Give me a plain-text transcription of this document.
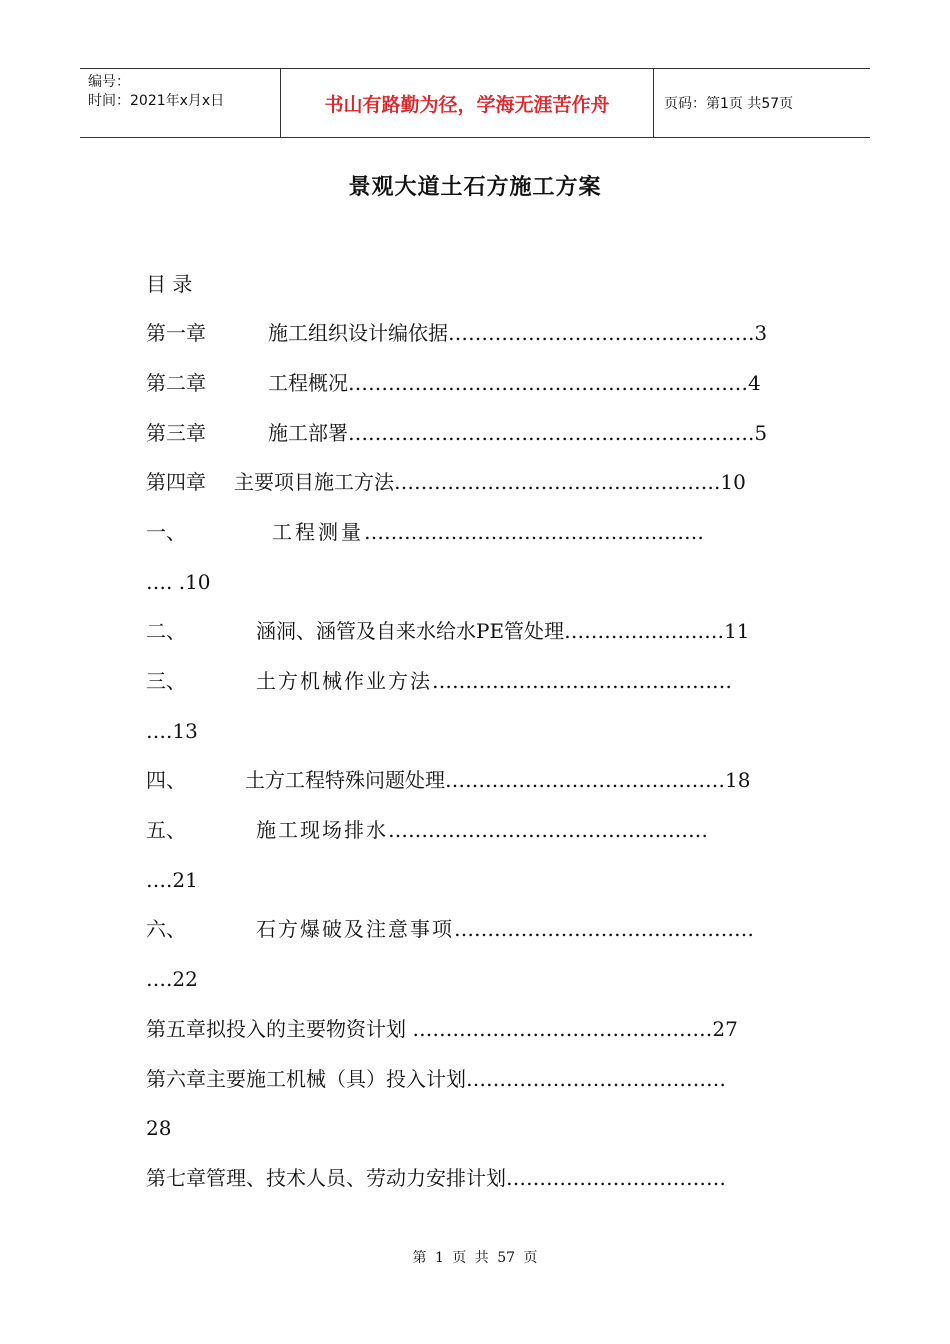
编号：
时间：2021年x月x日	书山有路勤为径，学海无涯苦作舟	页码：第1页 共57页
景观大道土石方施工方案
目 录
第一章	施工组织设计编依据……………………………………….3
第二章	工程概况……………………………………………………4
第三章	施工部署…………………………………………………….5
第四章 主要项目施工方法………………………………………….10
一、	工程测量……………………………………………
…. .10
二、	涵洞、涵管及自来水给水PE管处理……………………11
三、	土方机械作业方法………………………………………
….13
四、	土方工程特殊问题处理……………………………………18
五、	施工现场排水…………………………………………
….21
六、	石方爆破及注意事项………………………………………
….22
第五章拟投入的主要物资计划 ………………………………………27
第六章主要施工机械（具）投入计划…………………………………
28
第七章管理、技术人员、劳动力安排计划……………………………
第 1 页 共 57 页
